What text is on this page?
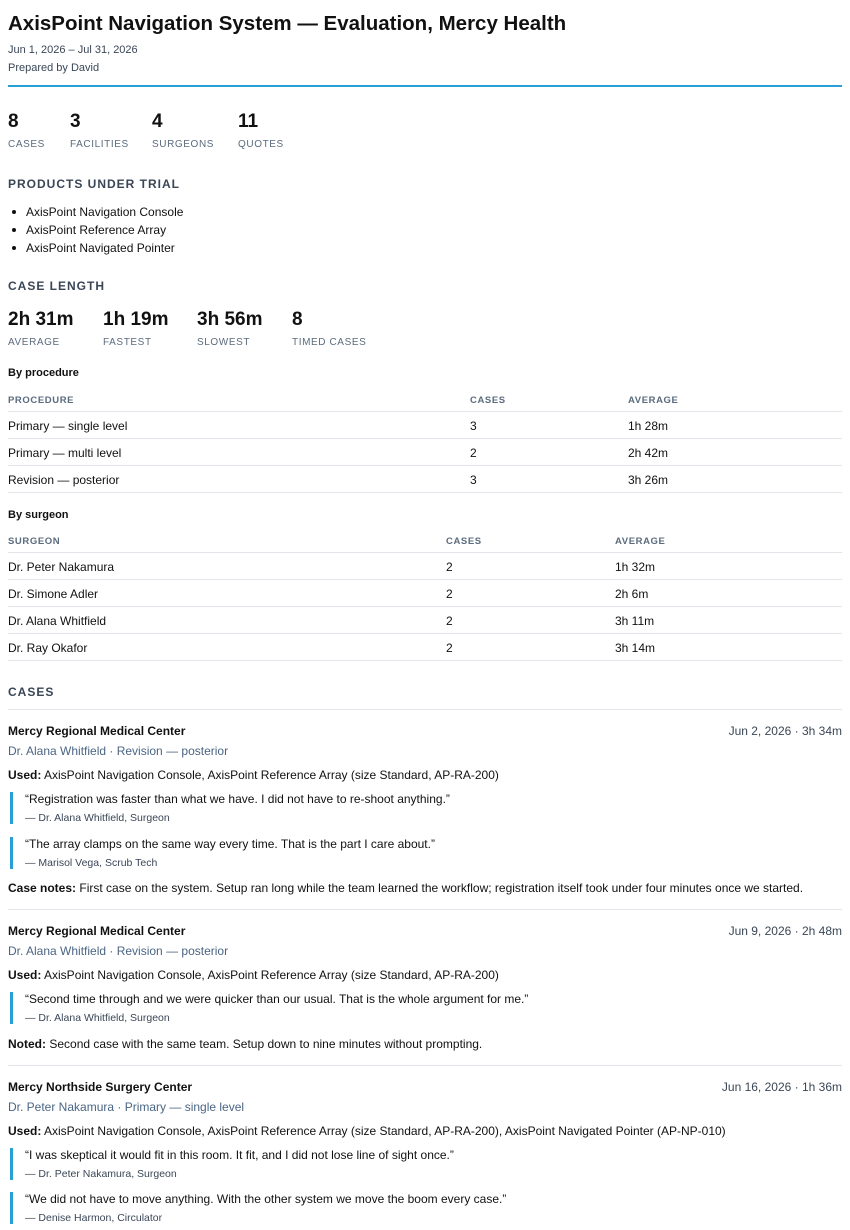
AxisPoint Navigation System — Evaluation, Mercy Health
Jun 1, 2026 – Jul 31, 2026
Prepared by David
8
CASES
3
FACILITIES
4
SURGEONS
11
QUOTES
PRODUCTS UNDER TRIAL
AxisPoint Navigation Console
AxisPoint Reference Array
AxisPoint Navigated Pointer
CASE LENGTH
2h 31m
AVERAGE
1h 19m
FASTEST
3h 56m
SLOWEST
8
TIMED CASES
By procedure
PROCEDURE	CASES	AVERAGE
Primary — single level	3	1h 28m
Primary — multi level	2	2h 42m
Revision — posterior	3	3h 26m
By surgeon
SURGEON	CASES	AVERAGE
Dr. Peter Nakamura	2	1h 32m
Dr. Simone Adler	2	2h 6m
Dr. Alana Whitfield	2	3h 11m
Dr. Ray Okafor	2	3h 14m
CASES
Mercy Regional Medical Center	Jun 2, 2026 · 3h 34m
Dr. Alana Whitfield · Revision — posterior
Used: AxisPoint Navigation Console, AxisPoint Reference Array (size Standard, AP-RA-200)
“Registration was faster than what we have. I did not have to re-shoot anything.”
— Dr. Alana Whitfield, Surgeon
“The array clamps on the same way every time. That is the part I care about.”
— Marisol Vega, Scrub Tech
Case notes: First case on the system. Setup ran long while the team learned the workflow; registration itself took under four minutes once we started.
Mercy Regional Medical Center	Jun 9, 2026 · 2h 48m
Dr. Alana Whitfield · Revision — posterior
Used: AxisPoint Navigation Console, AxisPoint Reference Array (size Standard, AP-RA-200)
“Second time through and we were quicker than our usual. That is the whole argument for me.”
— Dr. Alana Whitfield, Surgeon
Noted: Second case with the same team. Setup down to nine minutes without prompting.
Mercy Northside Surgery Center	Jun 16, 2026 · 1h 36m
Dr. Peter Nakamura · Primary — single level
Used: AxisPoint Navigation Console, AxisPoint Reference Array (size Standard, AP-RA-200), AxisPoint Navigated Pointer (AP-NP-010)
“I was skeptical it would fit in this room. It fit, and I did not lose line of sight once.”
— Dr. Peter Nakamura, Surgeon
“We did not have to move anything. With the other system we move the boom every case.”
— Denise Harmon, Circulator
